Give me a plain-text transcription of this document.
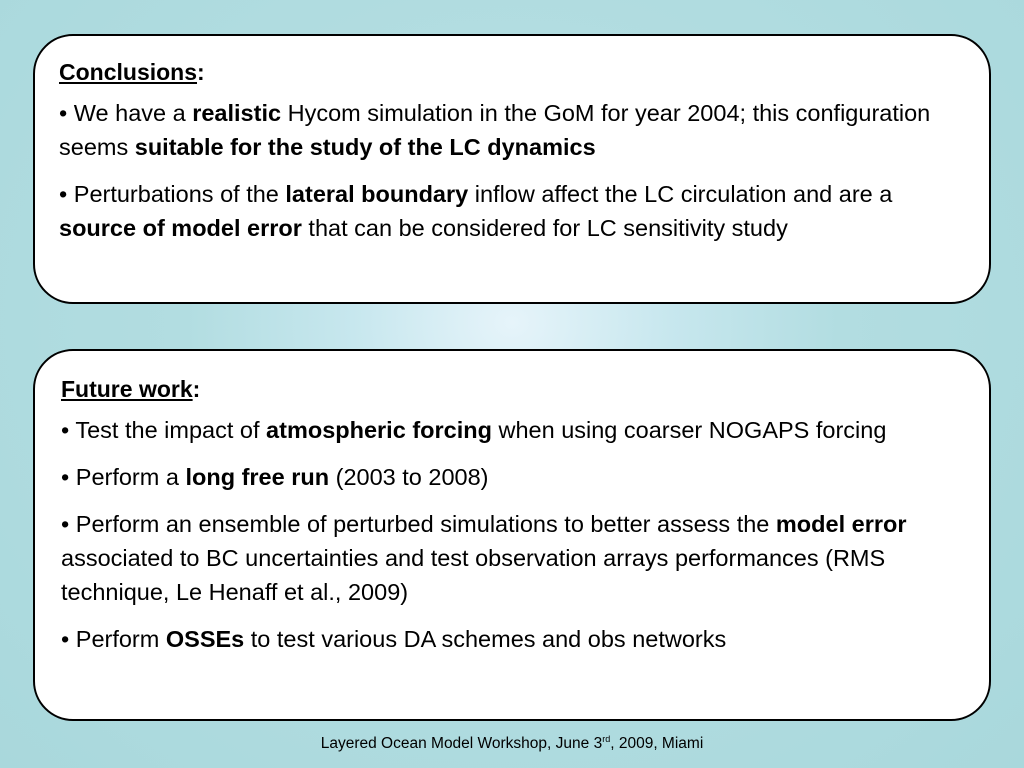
Conclusions:
• We have a realistic Hycom simulation in the GoM for year 2004; this configuration seems suitable for the study of the LC dynamics
• Perturbations of the lateral boundary inflow affect the LC circulation and are a source of model error that can be considered for LC sensitivity study
Future work:
• Test the impact of atmospheric forcing when using coarser NOGAPS forcing
• Perform a long free run (2003 to 2008)
• Perform an ensemble of perturbed simulations to better assess the model error associated to BC uncertainties and test observation arrays performances (RMS technique, Le Henaff et al., 2009)
• Perform OSSEs to test various DA schemes and obs networks
Layered Ocean Model Workshop, June 3rd, 2009, Miami
